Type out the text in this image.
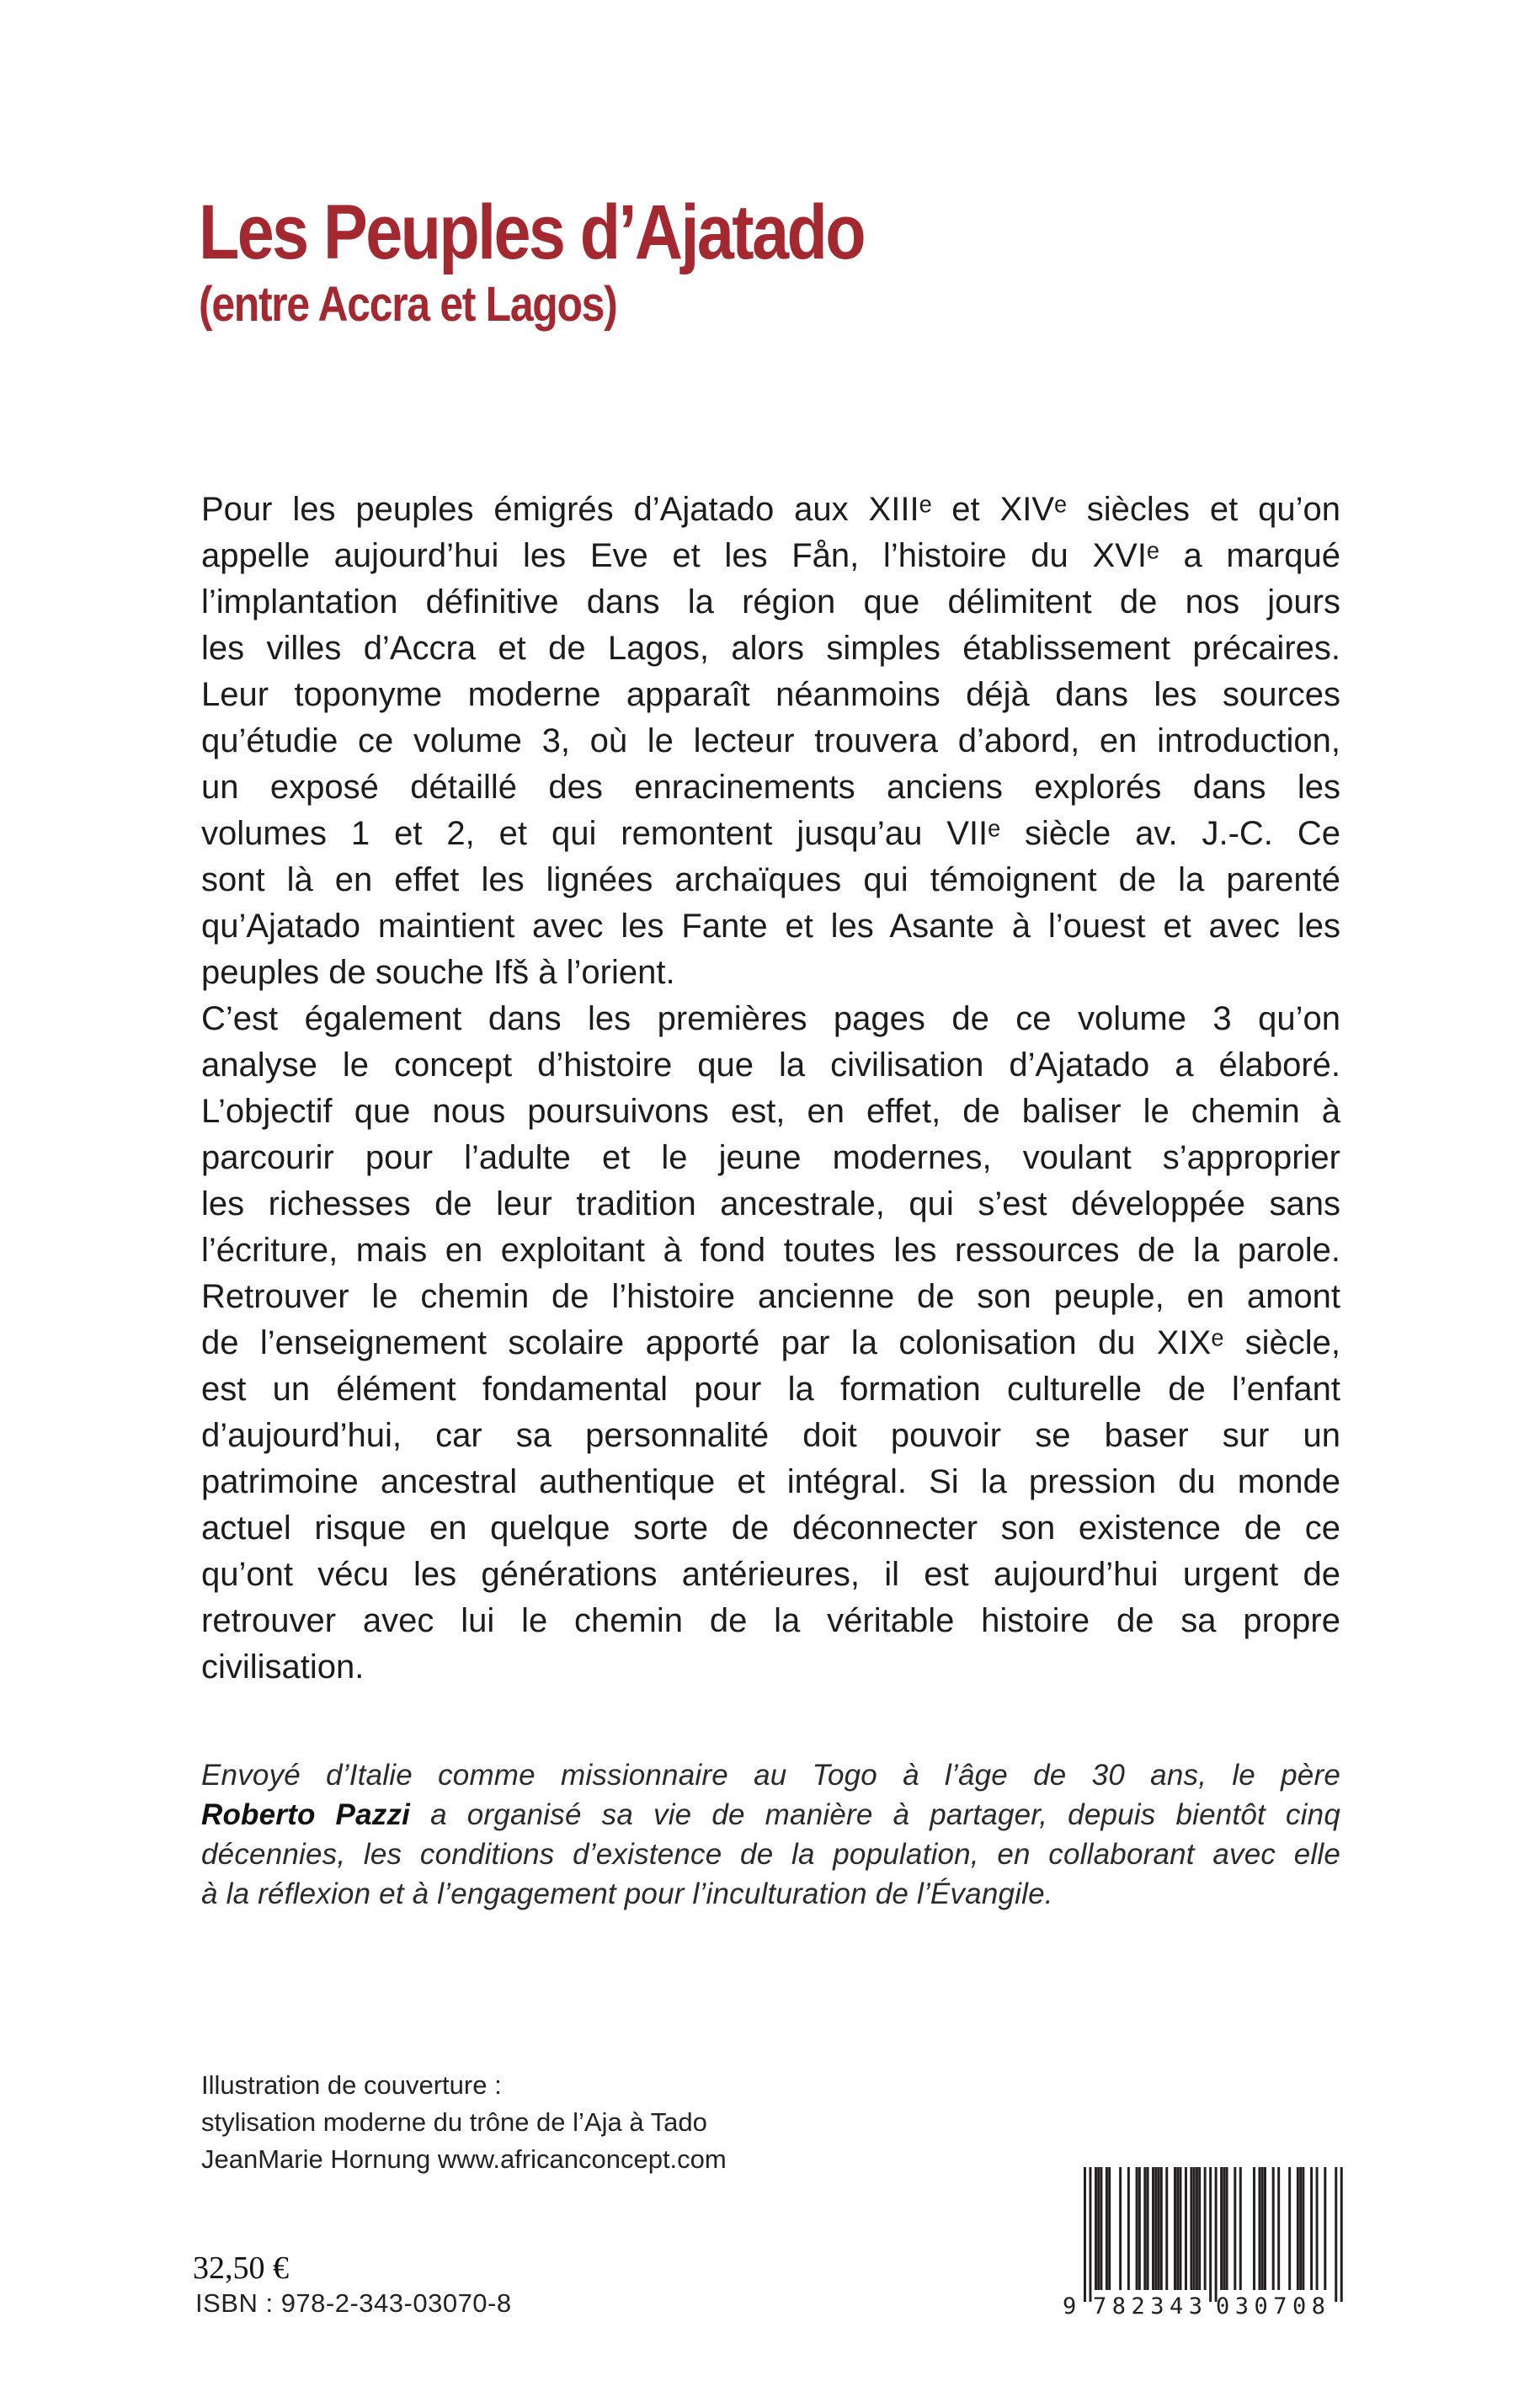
Les Peuples d’Ajatado
(entre Accra et Lagos)
Pour les peuples émigrés d’Ajatado aux XIIIᵉ et XIVᵉ siècles et qu’on
appelle aujourd’hui les Eve et les Fån, l’histoire du XVIᵉ a marqué
l’implantation définitive dans la région que délimitent de nos jours
les villes d’Accra et de Lagos, alors simples établissement précaires.
Leur toponyme moderne apparaît néanmoins déjà dans les sources
qu’étudie ce volume 3, où le lecteur trouvera d’abord, en introduction,
un exposé détaillé des enracinements anciens explorés dans les
volumes 1 et 2, et qui remontent jusqu’au VIIᵉ siècle av. J.-C. Ce
sont là en effet les lignées archaïques qui témoignent de la parenté
qu’Ajatado maintient avec les Fante et les Asante à l’ouest et avec les
peuples de souche Ifš à l’orient.
C’est également dans les premières pages de ce volume 3 qu’on
analyse le concept d’histoire que la civilisation d’Ajatado a élaboré.
L’objectif que nous poursuivons est, en effet, de baliser le chemin à
parcourir pour l’adulte et le jeune modernes, voulant s’approprier
les richesses de leur tradition ancestrale, qui s’est développée sans
l’écriture, mais en exploitant à fond toutes les ressources de la parole.
Retrouver le chemin de l’histoire ancienne de son peuple, en amont
de l’enseignement scolaire apporté par la colonisation du XIXᵉ siècle,
est un élément fondamental pour la formation culturelle de l’enfant
d’aujourd’hui, car sa personnalité doit pouvoir se baser sur un
patrimoine ancestral authentique et intégral. Si la pression du monde
actuel risque en quelque sorte de déconnecter son existence de ce
qu’ont vécu les générations antérieures, il est aujourd’hui urgent de
retrouver avec lui le chemin de la véritable histoire de sa propre
civilisation.
Envoyé d’Italie comme missionnaire au Togo à l’âge de 30 ans, le père
Roberto Pazzi a organisé sa vie de manière à partager, depuis bientôt cinq
décennies, les conditions d’existence de la population, en collaborant avec elle
à la réflexion et à l’engagement pour l’inculturation de l’Évangile.
Illustration de couverture :
stylisation moderne du trône de l’Aja à Tado
JeanMarie Hornung www.africanconcept.com
32,50 €
ISBN : 978-2-343-03070-8	9 782343 030708
